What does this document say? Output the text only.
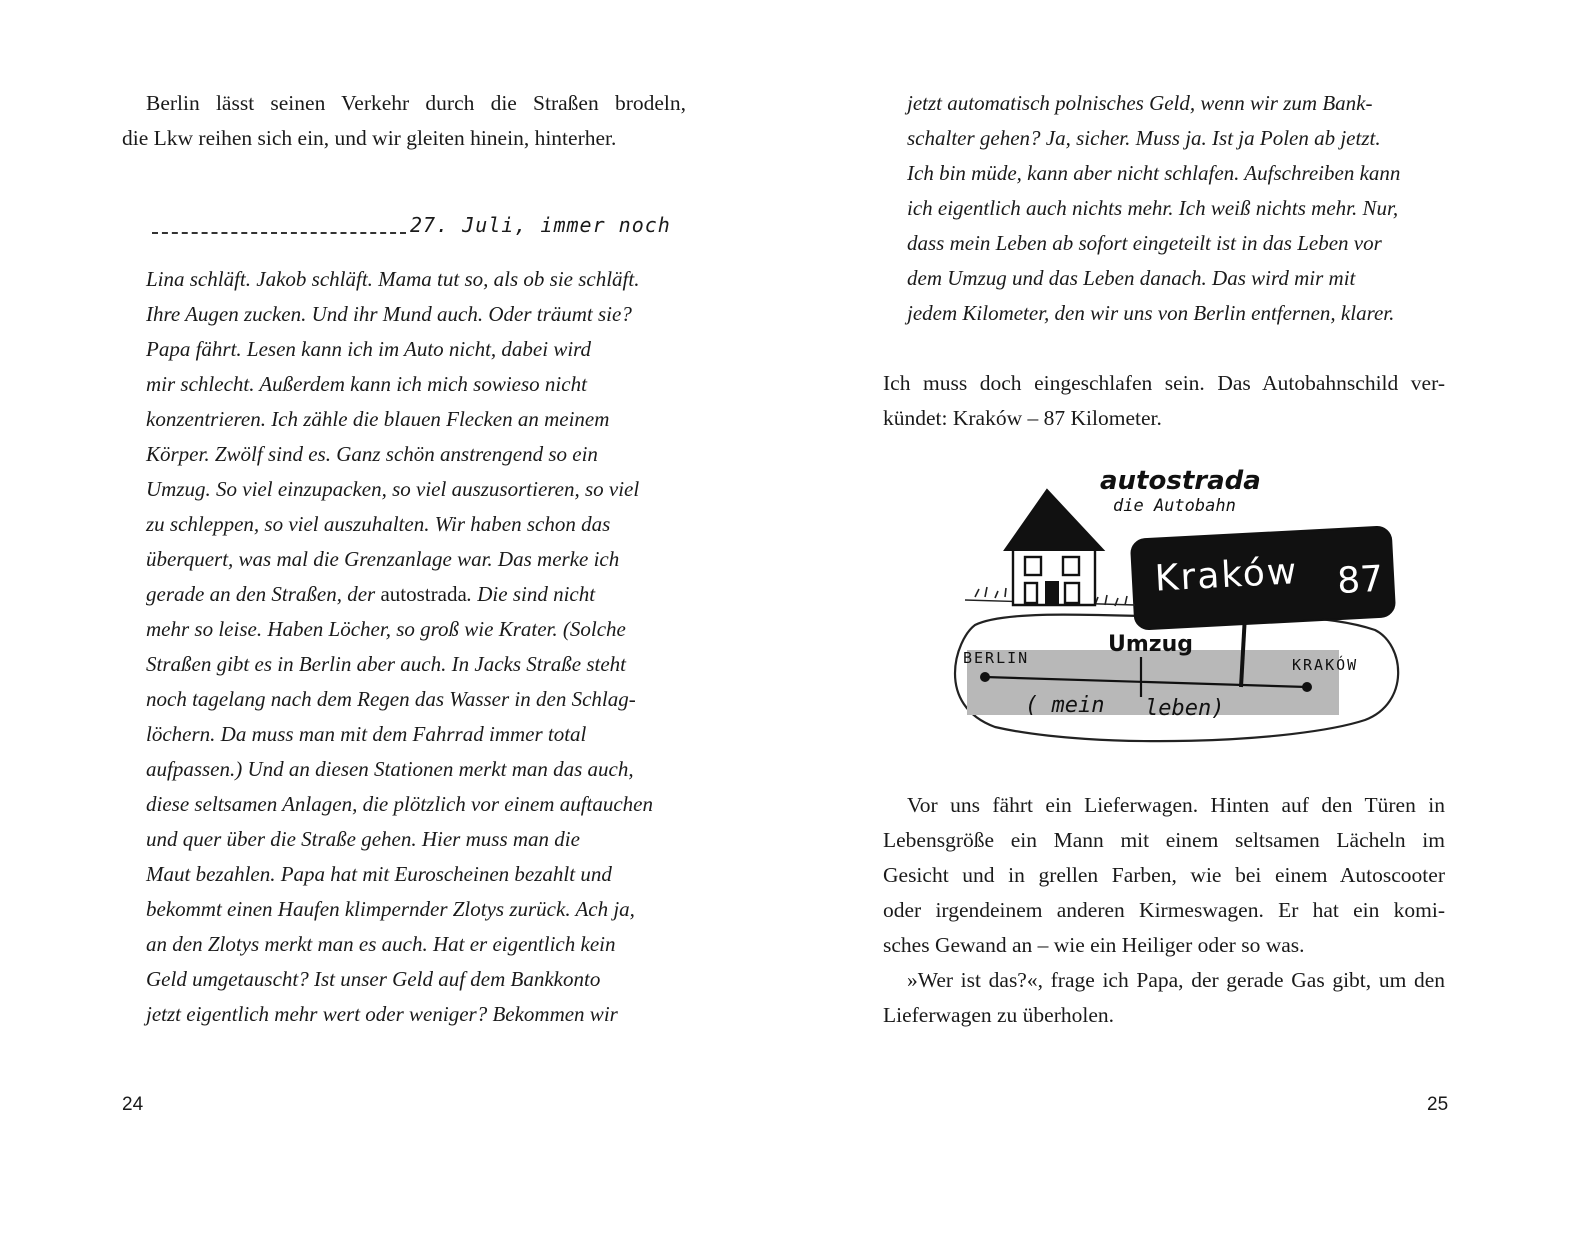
Berlin lässt seinen Verkehr durch die Straßen brodeln,
die Lkw reihen sich ein, und wir gleiten hinein, hinterher.
27. Juli, immer noch
Lina schläft. Jakob schläft. Mama tut so, als ob sie schläft.
Ihre Augen zucken. Und ihr Mund auch. Oder träumt sie?
Papa fährt. Lesen kann ich im Auto nicht, dabei wird
mir schlecht. Außerdem kann ich mich sowieso nicht
konzentrieren. Ich zähle die blauen Flecken an meinem
Körper. Zwölf sind es. Ganz schön anstrengend so ein
Umzug. So viel einzupacken, so viel auszusortieren, so viel
zu schleppen, so viel auszuhalten. Wir haben schon das
überquert, was mal die Grenzanlage war. Das merke ich
gerade an den Straßen, der autostrada. Die sind nicht
mehr so leise. Haben Löcher, so groß wie Krater. (Solche
Straßen gibt es in Berlin aber auch. In Jacks Straße steht
noch tagelang nach dem Regen das Wasser in den Schlag-
löchern. Da muss man mit dem Fahrrad immer total
aufpassen.) Und an diesen Stationen merkt man das auch,
diese seltsamen Anlagen, die plötzlich vor einem auftauchen
und quer über die Straße gehen. Hier muss man die
Maut bezahlen. Papa hat mit Euroscheinen bezahlt und
bekommt einen Haufen klimpernder Zlotys zurück. Ach ja,
an den Zlotys merkt man es auch. Hat er eigentlich kein
Geld umgetauscht? Ist unser Geld auf dem Bankkonto
jetzt eigentlich mehr wert oder weniger? Bekommen wir
24
jetzt automatisch polnisches Geld, wenn wir zum Bank-
schalter gehen? Ja, sicher. Muss ja. Ist ja Polen ab jetzt.
Ich bin müde, kann aber nicht schlafen. Aufschreiben kann
ich eigentlich auch nichts mehr. Ich weiß nichts mehr. Nur,
dass mein Leben ab sofort eingeteilt ist in das Leben vor
dem Umzug und das Leben danach. Das wird mir mit
jedem Kilometer, den wir uns von Berlin entfernen, klarer.
Ich muss doch eingeschlafen sein. Das Autobahnschild ver-
kündet: Kraków – 87 Kilometer.
Vor uns fährt ein Lieferwagen. Hinten auf den Türen in
Lebensgröße ein Mann mit einem seltsamen Lächeln im
Gesicht und in grellen Farben, wie bei einem Autoscooter
oder irgendeinem anderen Kirmeswagen. Er hat ein komi-
sches Gewand an – wie ein Heiliger oder so was.
»Wer ist das?«, frage ich Papa, der gerade Gas gibt, um den
Lieferwagen zu überholen.
25
autostrada
die Autobahn
Kraków 87
Umzug
BERLIN	KRAKÓW
( mein leben)
